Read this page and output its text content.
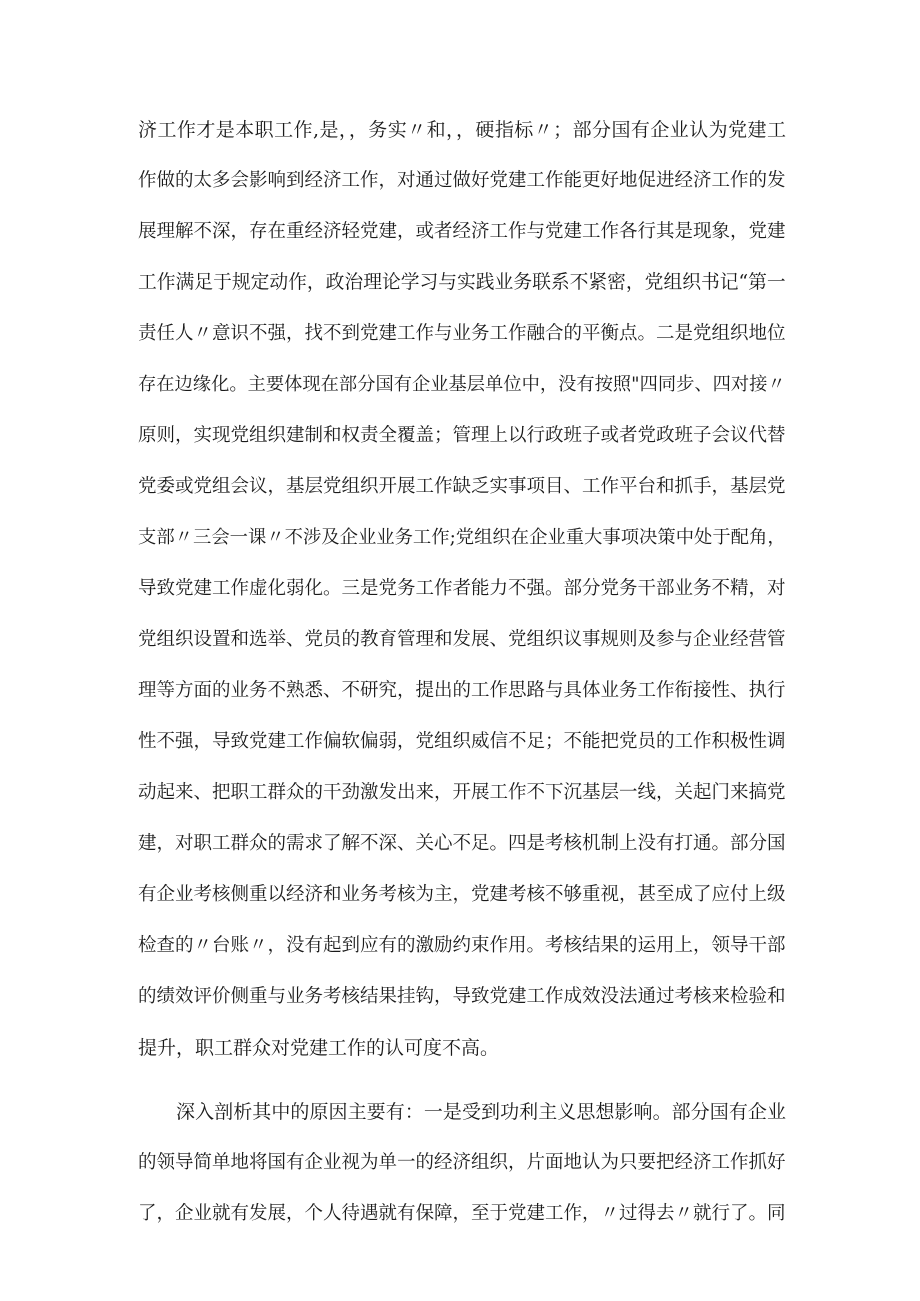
济工作才是本职工作,是，，务实〃和，，硬指标〃；部分国有企业认为党建工
作做的太多会影响到经济工作，对通过做好党建工作能更好地促进经济工作的发
展理解不深，存在重经济轻党建，或者经济工作与党建工作各行其是现象，党建
工作满足于规定动作，政治理论学习与实践业务联系不紧密，党组织书记“第一
责任人〃意识不强，找不到党建工作与业务工作融合的平衡点。二是党组织地位
存在边缘化。主要体现在部分国有企业基层单位中，没有按照"四同步、四对接〃
原则，实现党组织建制和权责全覆盖；管理上以行政班子或者党政班子会议代替
党委或党组会议，基层党组织开展工作缺乏实事项目、工作平台和抓手，基层党
支部〃三会一课〃不涉及企业业务工作;党组织在企业重大事项决策中处于配角，
导致党建工作虚化弱化。三是党务工作者能力不强。部分党务干部业务不精，对
党组织设置和选举、党员的教育管理和发展、党组织议事规则及参与企业经营管
理等方面的业务不熟悉、不研究，提出的工作思路与具体业务工作衔接性、执行
性不强，导致党建工作偏软偏弱，党组织威信不足；不能把党员的工作积极性调
动起来、把职工群众的干劲激发出来，开展工作不下沉基层一线，关起门来搞党
建，对职工群众的需求了解不深、关心不足。四是考核机制上没有打通。部分国
有企业考核侧重以经济和业务考核为主，党建考核不够重视，甚至成了应付上级
检查的〃台账〃，没有起到应有的激励约束作用。考核结果的运用上，领导干部
的绩效评价侧重与业务考核结果挂钩，导致党建工作成效没法通过考核来检验和
提升，职工群众对党建工作的认可度不高。
深入剖析其中的原因主要有：一是受到功利主义思想影响。部分国有企业
的领导简单地将国有企业视为单一的经济组织，片面地认为只要把经济工作抓好
了，企业就有发展，个人待遇就有保障，至于党建工作，〃过得去〃就行了。同
